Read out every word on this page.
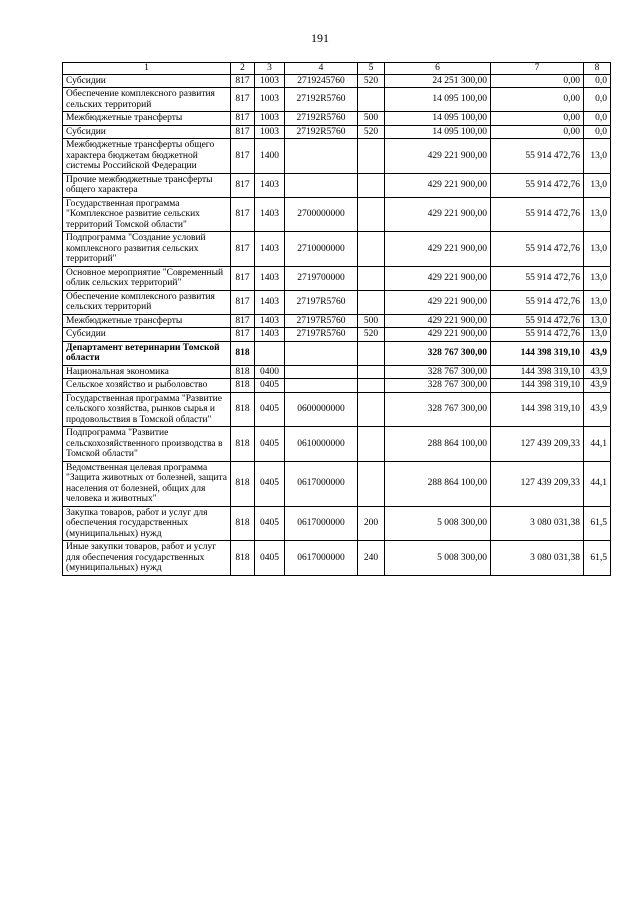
191
1	2	3	4	5	6	7	8
Субсидии	817	1003	2719245760	520	24 251 300,00	0,00	0,0
Обеспечение комплексного развития сельских территорий	817	1003	27192R5760		14 095 100,00	0,00	0,0
Межбюджетные трансферты	817	1003	27192R5760	500	14 095 100,00	0,00	0,0
Субсидии	817	1003	27192R5760	520	14 095 100,00	0,00	0,0
Межбюджетные трансферты общего характера бюджетам бюджетной системы Российской Федерации	817	1400			429 221 900,00	55 914 472,76	13,0
Прочие межбюджетные трансферты общего характера	817	1403			429 221 900,00	55 914 472,76	13,0
Государственная программа "Комплексное развитие сельских территорий Томской области"	817	1403	2700000000		429 221 900,00	55 914 472,76	13,0
Подпрограмма "Создание условий комплексного развития сельских территорий"	817	1403	2710000000		429 221 900,00	55 914 472,76	13,0
Основное мероприятие "Современный облик сельских территорий"	817	1403	2719700000		429 221 900,00	55 914 472,76	13,0
Обеспечение комплексного развития сельских территорий	817	1403	27197R5760		429 221 900,00	55 914 472,76	13,0
Межбюджетные трансферты	817	1403	27197R5760	500	429 221 900,00	55 914 472,76	13,0
Субсидии	817	1403	27197R5760	520	429 221 900,00	55 914 472,76	13,0
Департамент ветеринарии Томской области	818				328 767 300,00	144 398 319,10	43,9
Национальная экономика	818	0400			328 767 300,00	144 398 319,10	43,9
Сельское хозяйство и рыболовство	818	0405			328 767 300,00	144 398 319,10	43,9
Государственная программа "Развитие сельского хозяйства, рынков сырья и продовольствия в Томской области"	818	0405	0600000000		328 767 300,00	144 398 319,10	43,9
Подпрограмма "Развитие сельскохозяйственного производства в Томской области"	818	0405	0610000000		288 864 100,00	127 439 209,33	44,1
Ведомственная целевая программа "Защита животных от болезней, защита населения от болезней, общих для человека и животных"	818	0405	0617000000		288 864 100,00	127 439 209,33	44,1
Закупка товаров, работ и услуг для обеспечения государственных (муниципальных) нужд	818	0405	0617000000	200	5 008 300,00	3 080 031,38	61,5
Иные закупки товаров, работ и услуг для обеспечения государственных (муниципальных) нужд	818	0405	0617000000	240	5 008 300,00	3 080 031,38	61,5
